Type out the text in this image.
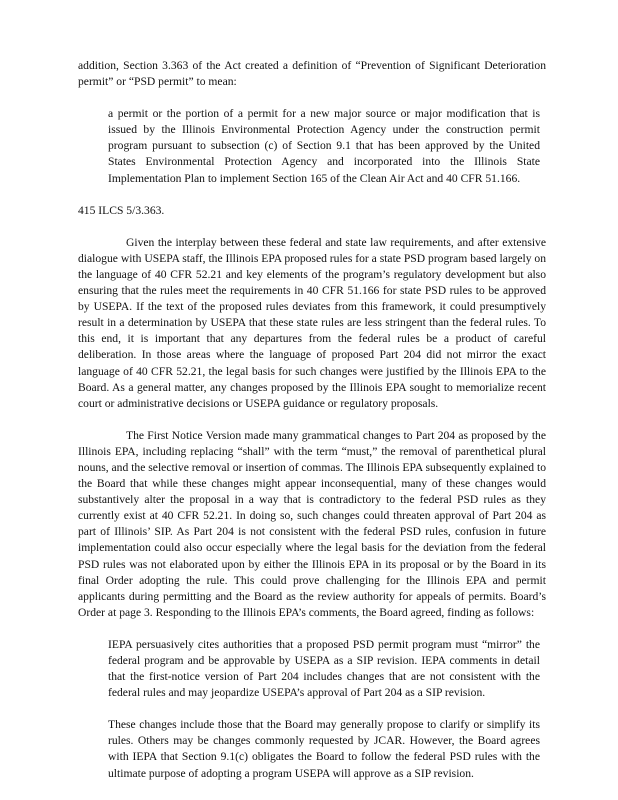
addition, Section 3.363 of the Act created a definition of “Prevention of Significant Deterioration permit” or “PSD permit” to mean:

a permit or the portion of a permit for a new major source or major modification that is issued by the Illinois Environmental Protection Agency under the construction permit program pursuant to subsection (c) of Section 9.1 that has been approved by the United States Environmental Protection Agency and incorporated into the Illinois State Implementation Plan to implement Section 165 of the Clean Air Act and 40 CFR 51.166.

415 ILCS 5/3.363.

Given the interplay between these federal and state law requirements, and after extensive dialogue with USEPA staff, the Illinois EPA proposed rules for a state PSD program based largely on the language of 40 CFR 52.21 and key elements of the program’s regulatory development but also ensuring that the rules meet the requirements in 40 CFR 51.166 for state PSD rules to be approved by USEPA. If the text of the proposed rules deviates from this framework, it could presumptively result in a determination by USEPA that these state rules are less stringent than the federal rules. To this end, it is important that any departures from the federal rules be a product of careful deliberation. In those areas where the language of proposed Part 204 did not mirror the exact language of 40 CFR 52.21, the legal basis for such changes were justified by the Illinois EPA to the Board. As a general matter, any changes proposed by the Illinois EPA sought to memorialize recent court or administrative decisions or USEPA guidance or regulatory proposals.

The First Notice Version made many grammatical changes to Part 204 as proposed by the Illinois EPA, including replacing “shall” with the term “must,” the removal of parenthetical plural nouns, and the selective removal or insertion of commas. The Illinois EPA subsequently explained to the Board that while these changes might appear inconsequential, many of these changes would substantively alter the proposal in a way that is contradictory to the federal PSD rules as they currently exist at 40 CFR 52.21. In doing so, such changes could threaten approval of Part 204 as part of Illinois’ SIP. As Part 204 is not consistent with the federal PSD rules, confusion in future implementation could also occur especially where the legal basis for the deviation from the federal PSD rules was not elaborated upon by either the Illinois EPA in its proposal or by the Board in its final Order adopting the rule. This could prove challenging for the Illinois EPA and permit applicants during permitting and the Board as the review authority for appeals of permits. Board’s Order at page 3. Responding to the Illinois EPA’s comments, the Board agreed, finding as follows:

IEPA persuasively cites authorities that a proposed PSD permit program must “mirror” the federal program and be approvable by USEPA as a SIP revision. IEPA comments in detail that the first-notice version of Part 204 includes changes that are not consistent with the federal rules and may jeopardize USEPA’s approval of Part 204 as a SIP revision.

These changes include those that the Board may generally propose to clarify or simplify its rules. Others may be changes commonly requested by JCAR. However, the Board agrees with IEPA that Section 9.1(c) obligates the Board to follow the federal PSD rules with the ultimate purpose of adopting a program USEPA will approve as a SIP revision.
